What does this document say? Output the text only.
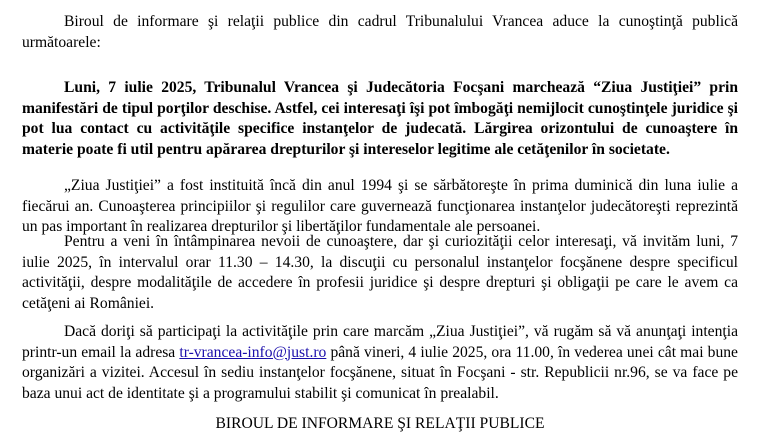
Biroul de informare şi relaţii publice din cadrul Tribunalului Vrancea aduce la cunoştinţă publică următoarele:

Luni, 7 iulie 2025, Tribunalul Vrancea şi Judecătoria Focşani marchează “Ziua Justiţiei” prin manifestări de tipul porţilor deschise. Astfel, cei interesaţi îşi pot îmbogăţi nemijlocit cunoştinţele juridice şi pot lua contact cu activităţile specifice instanţelor de judecată. Lărgirea orizontului de cunoaştere în materie poate fi util pentru apărarea drepturilor şi intereselor legitime ale cetăţenilor în societate.

„Ziua Justiţiei” a fost instituită încă din anul 1994 şi se sărbătoreşte în prima duminică din luna iulie a fiecărui an. Cunoaşterea principiilor şi regulilor care guvernează funcţionarea instanţelor judecătoreşti reprezintă un pas important în realizarea drepturilor şi libertăţilor fundamentale ale persoanei.

Pentru a veni în întâmpinarea nevoii de cunoaştere, dar şi curiozităţii celor interesaţi, vă invităm luni, 7 iulie 2025, în intervalul orar 11.30 – 14.30, la discuţii cu personalul instanţelor focşănene despre specificul activităţii, despre modalităţile de accedere în profesii juridice şi despre drepturi şi obligaţii pe care le avem ca cetăţeni ai României.

Dacă doriţi să participaţi la activităţile prin care marcăm „Ziua Justiţiei”, vă rugăm să vă anunţaţi intenţia printr-un email la adresa tr-vrancea-info@just.ro până vineri, 4 iulie 2025, ora 11.00, în vederea unei cât mai bune organizări a vizitei. Accesul în sediu instanţelor focşănene, situat în Focşani - str. Republicii nr.96, se va face pe baza unui act de identitate şi a programului stabilit şi comunicat în prealabil.

BIROUL DE INFORMARE ŞI RELAŢII PUBLICE
